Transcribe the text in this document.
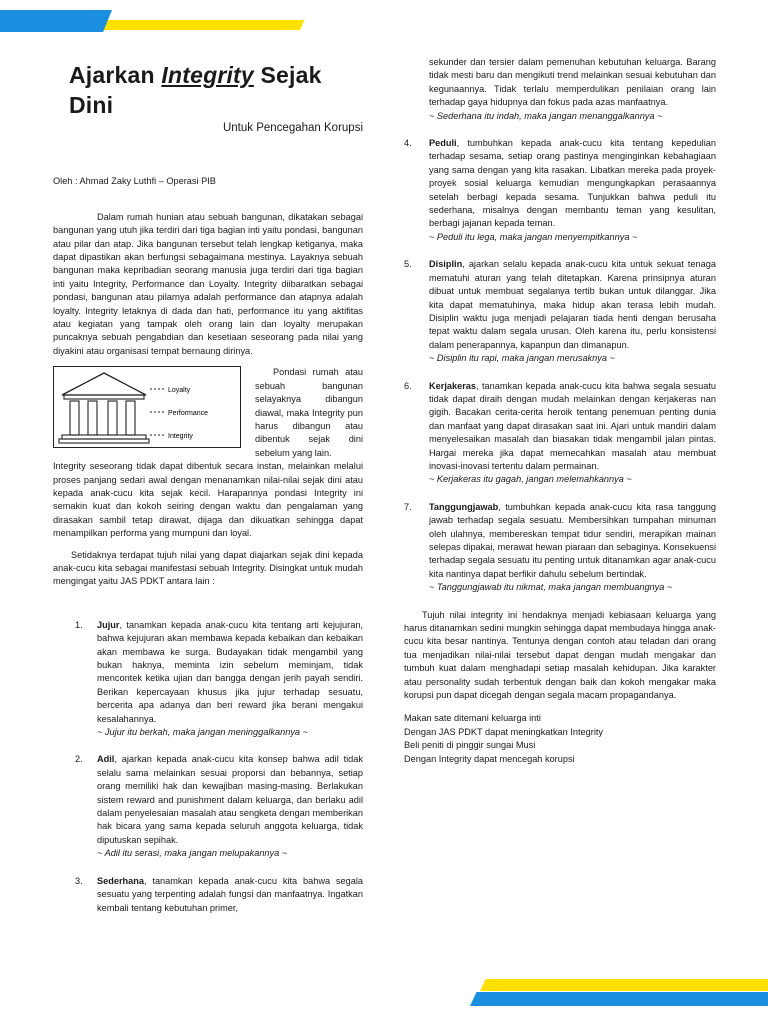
Ajarkan Integrity Sejak Dini
Untuk Pencegahan Korupsi
Oleh : Ahmad Zaky Luthfi – Operasi PIB

Dalam rumah hunian atau sebuah bangunan, dikatakan sebagai bangunan yang utuh jika terdiri dari tiga bagian inti yaitu pondasi, bangunan atau pilar dan atap. Jika bangunan tersebut telah lengkap ketiganya, maka dapat dipastikan akan berfungsi sebagaimana mestinya. Layaknya sebuah bangunan maka kepribadian seorang manusia juga terdiri dari tiga bagian inti yaitu Integrity, Performance dan Loyalty. Integrity diibaratkan sebagai pondasi, bangunan atau pilarnya adalah performance dan atapnya adalah loyalty. Integrity letaknya di dada dan hati, performance itu yang aktifitas atau kegiatan yang tampak oleh orang lain dan loyalty merupakan puncaknya sebuah pengabdian dan kesetiaan seseorang pada nilai yang diyakini atau organisasi tempat bernaung dirinya.

Loyalty
Performance
Integrity
Pondasi rumah atau sebuah bangunan selayaknya dibangun diawal, maka Integrity pun harus dibangun atau dibentuk sejak dini sebelum yang lain.

Integrity seseorang tidak dapat dibentuk secara instan, melainkan melalui proses panjang sedari awal dengan menanamkan nilai-nilai sejak dini atau kepada anak-cucu kita sejak kecil. Harapannya pondasi Integrity ini semakin kuat dan kokoh seiring dengan waktu dan pengalaman yang dirasakan sambil tetap dirawat, dijaga dan dikuatkan sehingga dapat menampilkan performa yang mumpuni dan loyal.

Setidaknya terdapat tujuh nilai yang dapat diajarkan sejak dini kepada anak-cucu kita sebagai manifestasi sebuah Integrity. Disingkat untuk mudah mengingat yaitu JAS PDKT antara lain :

1. Jujur, tanamkan kepada anak-cucu kita tentang arti kejujuran, bahwa kejujuran akan membawa kepada kebaikan dan kebaikan akan membawa ke surga. Budayakan tidak mengambil yang bukan haknya, meminta izin sebelum meminjam, tidak mencontek ketika ujian dan bangga dengan jerih payah sendiri. Berikan kepercayaan khusus jika jujur terhadap sesuatu, bercerita apa adanya dan beri reward jika berani mengakui kesalahannya.
~ Jujur itu berkah, maka jangan meninggalkannya ~
2. Adil, ajarkan kepada anak-cucu kita konsep bahwa adil tidak selalu sama melainkan sesuai proporsi dan bebannya, setiap orang memiliki hak dan kewajiban masing-masing. Berlakukan sistem reward and punishment dalam keluarga, dan berlaku adil dalam penyelesaian masalah atau sengketa dengan memberikan hak bicara yang sama kepada seluruh anggota keluarga, tidak diputuskan sepihak.
~ Adil itu serasi, maka jangan melupakannya ~
3. Sederhana, tanamkan kepada anak-cucu kita bahwa segala sesuatu yang terpenting adalah fungsi dan manfaatnya. Ingatkan kembali tentang kebutuhan primer,
sekunder dan tersier dalam pemenuhan kebutuhan keluarga. Barang tidak mesti baru dan mengikuti trend melainkan sesuai kebutuhan dan kegunaannya. Tidak terlalu memperdulikan penilaian orang lain terhadap gaya hidupnya dan fokus pada azas manfaatnya.
~ Sederhana itu indah, maka jangan menanggalkannya ~
4. Peduli, tumbuhkan kepada anak-cucu kita tentang kepedulian terhadap sesama, setiap orang pastinya menginginkan kebahagiaan yang sama dengan yang kita rasakan. Libatkan mereka pada proyek-proyek sosial keluarga kemudian mengungkapkan perasaannya setelah berbagi kepada sesama. Tunjukkan bahwa peduli itu sederhana, misalnya dengan membantu teman yang kesulitan, berbagi jajanan kepada teman.
~ Peduli itu lega, maka jangan menyempitkannya ~
5. Disiplin, ajarkan selalu kepada anak-cucu kita untuk sekuat tenaga mematuhi aturan yang telah ditetapkan. Karena prinsipnya aturan dibuat untuk membuat segalanya tertib bukan untuk dilanggar. Jika kita dapat mematuhinya, maka hidup akan terasa lebih mudah. Disiplin waktu juga menjadi pelajaran tiada henti dengan berusaha tepat waktu dalam segala urusan. Oleh karena itu, perlu konsistensi dalam penerapannya, kapanpun dan dimanapun.
~ Disiplin itu rapi, maka jangan merusaknya ~
6. Kerjakeras, tanamkan kepada anak-cucu kita bahwa segala sesuatu tidak dapat diraih dengan mudah melainkan dengan kerjakeras nan gigih. Bacakan cerita-cerita heroik tentang penemuan penting dunia dan manfaat yang dapat dirasakan saat ini. Ajari untuk mandiri dalam menyelesaikan masalah dan biasakan tidak mengambil jalan pintas. Hargai mereka jika dapat memecahkan masalah atau membuat inovasi-inovasi tertentu dalam permainan.
~ Kerjakeras itu gagah, jangan melemahkannya ~
7. Tanggungjawab, tumbuhkan kepada anak-cucu kita rasa tanggung jawab terhadap segala sesuatu. Membersihkan tumpahan minuman oleh ulahnya, membereskan tempat tidur sendiri, merapikan mainan selepas dipakai, merawat hewan piaraan dan sebaginya. Konsekuensi terhadap segala sesuatu itu penting untuk ditanamkan agar anak-cucu kita nantinya dapat berfikir dahulu sebelum bertindak.
~ Tanggungjawab itu nikmat, maka jangan membuangnya ~

Tujuh nilai integrity ini hendaknya menjadi kebiasaan keluarga yang harus ditanamkan sedini mungkin sehingga dapat membudaya hingga anak-cucu kita besar nantinya. Tentunya dengan contoh atau teladan dari orang tua menjadikan nilai-nilai tersebut dapat dengan mudah mengakar dan tumbuh kuat dalam menghadapi setiap masalah kehidupan. Jika karakter atau personality sudah terbentuk dengan baik dan kokoh mengakar maka korupsi pun dapat dicegah dengan segala macam propagandanya.

Makan sate ditemani keluarga inti

Dengan JAS PDKT dapat meningkatkan Integrity

Beli peniti di pinggir sungai Musi

Dengan Integrity dapat mencegah korupsi
